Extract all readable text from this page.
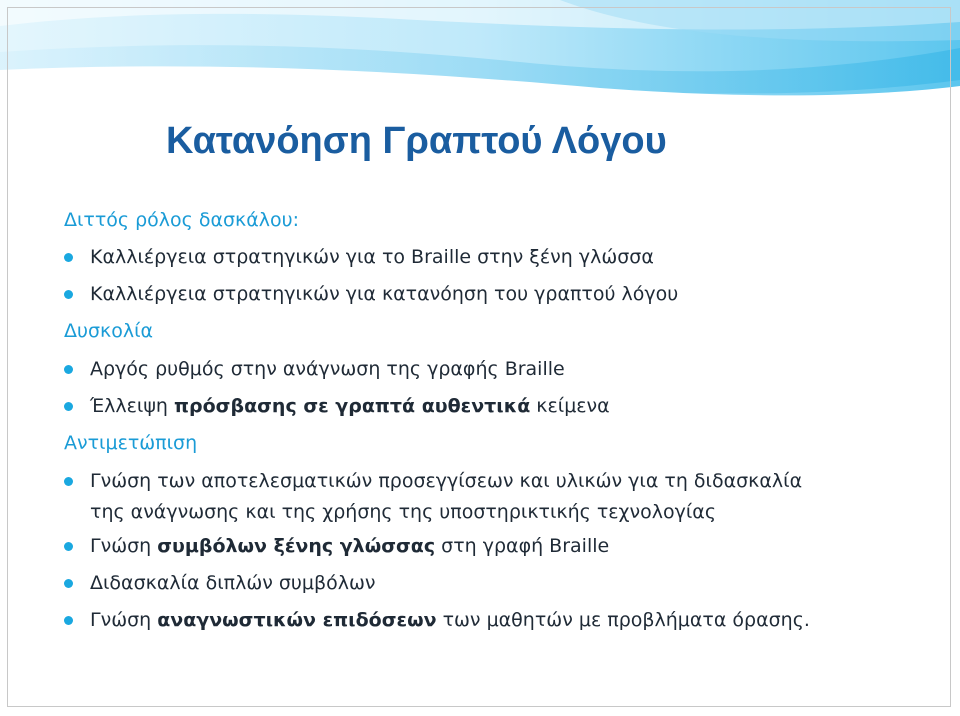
Κατανόηση Γραπτού Λόγου
Διττός ρόλος δασκάλου:
Καλλιέργεια στρατηγικών για το Braille στην ξένη γλώσσα
Καλλιέργεια στρατηγικών για κατανόηση του γραπτού λόγου
Δυσκολία
Αργός ρυθμός στην ανάγνωση της γραφής Braille
Έλλειψη πρόσβασης σε γραπτά αυθεντικά κείμενα
Αντιμετώπιση
Γνώση των αποτελεσματικών προσεγγίσεων και υλικών για τη διδασκαλία
της ανάγνωσης και της χρήσης της υποστηρικτικής τεχνολογίας
Γνώση συμβόλων ξένης γλώσσας στη γραφή Braille
Διδασκαλία διπλών συμβόλων
Γνώση αναγνωστικών επιδόσεων των μαθητών με προβλήματα όρασης.
